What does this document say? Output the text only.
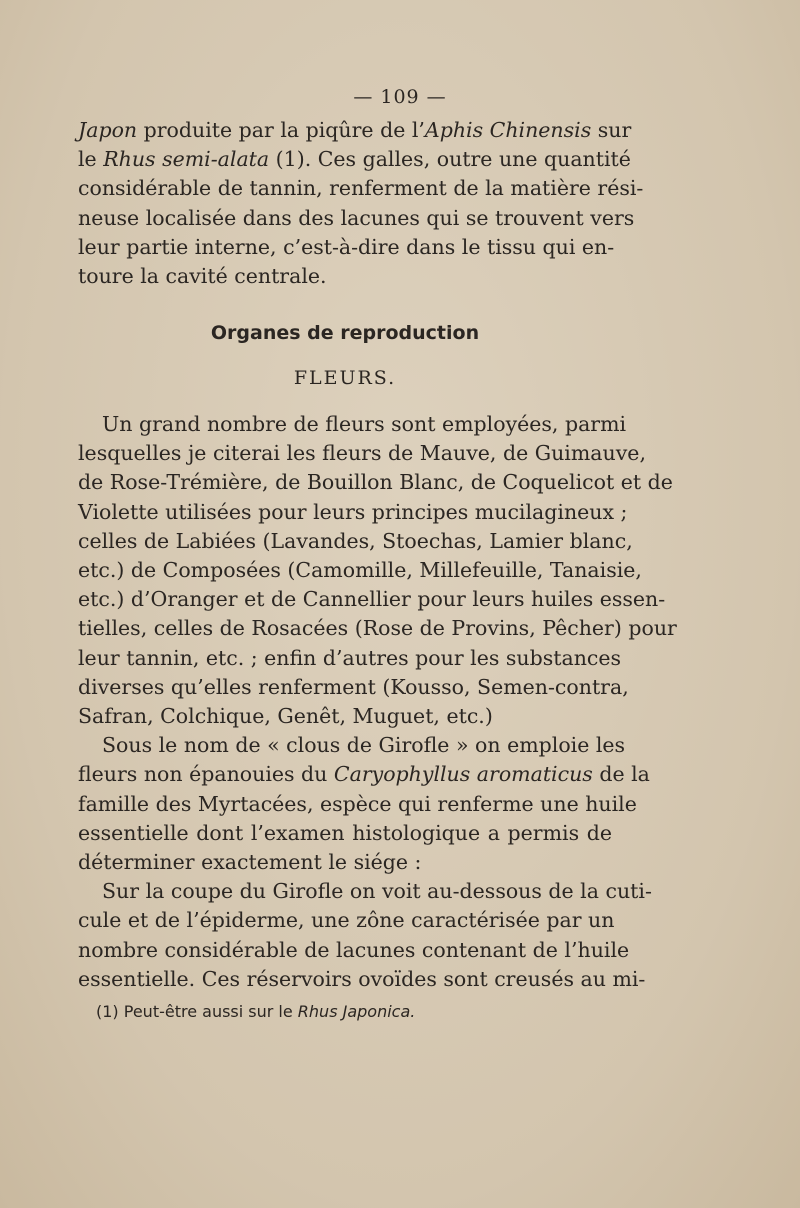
— 109 —
Japon produite par la piqûre de l’Aphis Chinensis sur
le Rhus semi-alata (1). Ces galles, outre une quantité
considérable de tannin, renferment de la matière rési-
neuse localisée dans des lacunes qui se trouvent vers
leur partie interne, c’est-à-dire dans le tissu qui en-
toure la cavité centrale.
Organes de reproduction
FLEURS.
Un grand nombre de fleurs sont employées, parmi
lesquelles je citerai les fleurs de Mauve, de Guimauve,
de Rose-Trémière, de Bouillon Blanc, de Coquelicot et de
Violette utilisées pour leurs principes mucilagineux ;
celles de Labiées (Lavandes, Stoechas, Lamier blanc,
etc.) de Composées (Camomille, Millefeuille, Tanaisie,
etc.) d’Oranger et de Cannellier pour leurs huiles essen-
tielles, celles de Rosacées (Rose de Provins, Pêcher) pour
leur tannin, etc. ; enfin d’autres pour les substances
diverses qu’elles renferment (Kousso, Semen-contra,
Safran, Colchique, Genêt, Muguet, etc.)
Sous le nom de « clous de Girofle » on emploie les
fleurs non épanouies du Caryophyllus aromaticus de la
famille des Myrtacées, espèce qui renferme une huile
essentielle dont l’examen histologique a permis de
déterminer exactement le siége :
Sur la coupe du Girofle on voit au-dessous de la cuti-
cule et de l’épiderme, une zône caractérisée par un
nombre considérable de lacunes contenant de l’huile
essentielle. Ces réservoirs ovoïdes sont creusés au mi-
(1) Peut-être aussi sur le Rhus Japonica.
